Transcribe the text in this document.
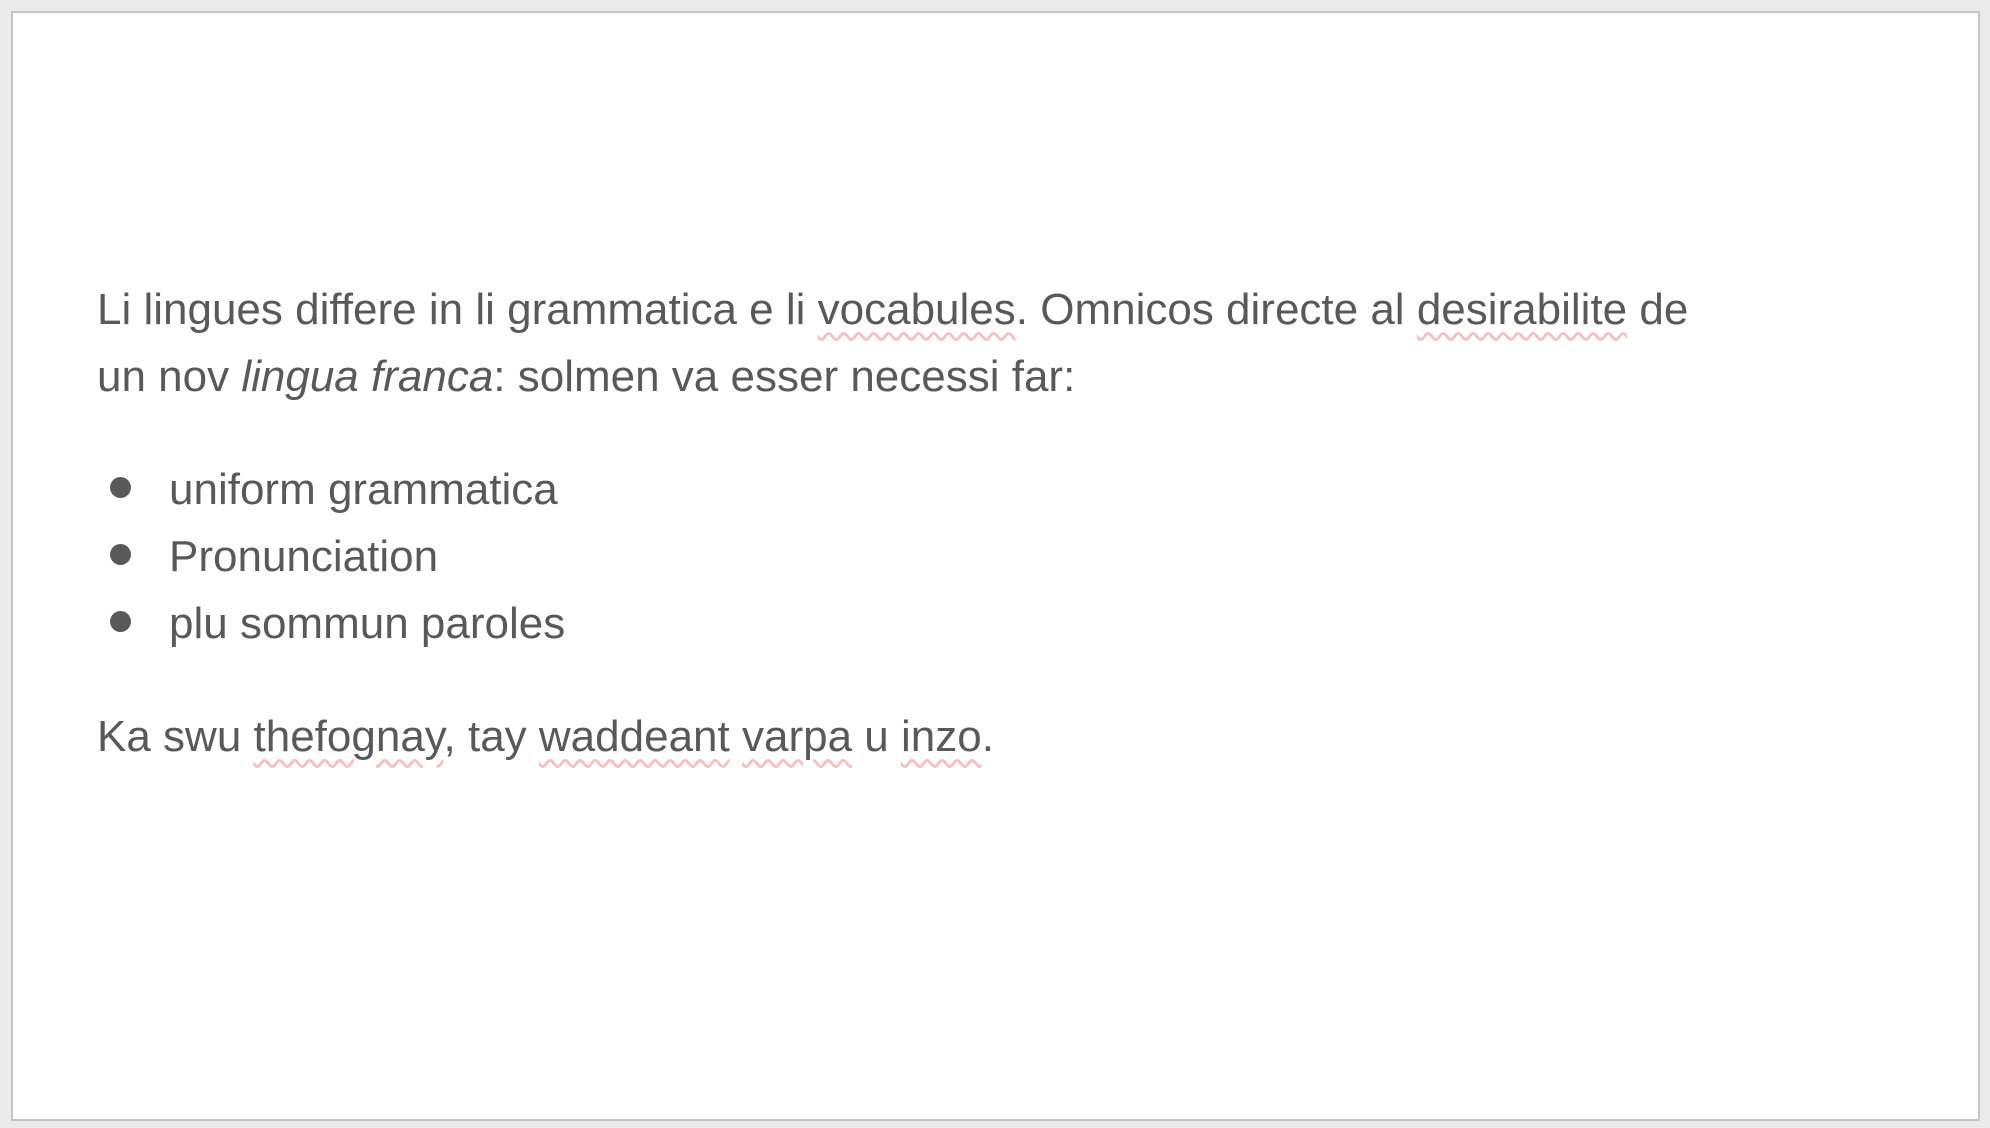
Li lingues differe in li grammatica e li vocabules. Omnicos directe al desirabilite de
un nov lingua franca: solmen va esser necessi far:
uniform grammatica
Pronunciation
plu sommun paroles
Ka swu thefognay, tay waddeant varpa u inzo.
